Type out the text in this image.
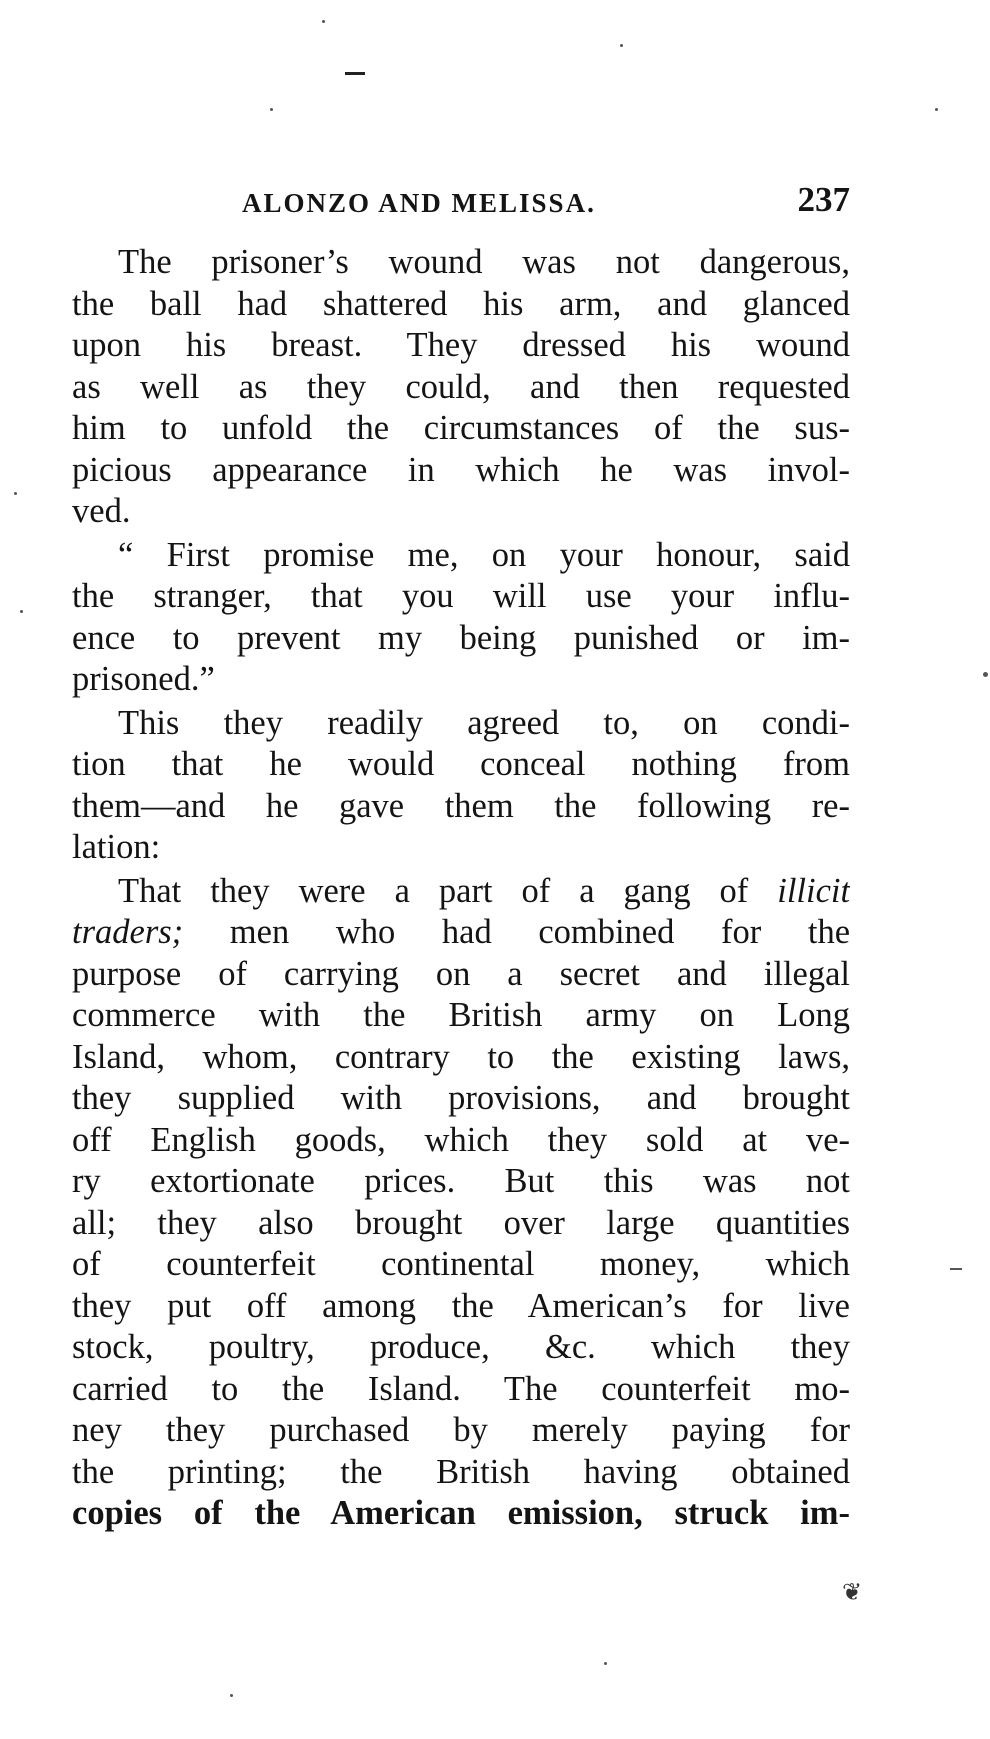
ALONZO AND MELISSA.	237
The prisoner’s wound was not dangerous,
the ball had shattered his arm, and glanced
upon his breast. They dressed his wound
as well as they could, and then requested
him to unfold the circumstances of the sus-
picious appearance in which he was invol-
ved.
“ First promise me, on your honour, said
the stranger, that you will use your influ-
ence to prevent my being punished or im-
prisoned.”
This they readily agreed to, on condi-
tion that he would conceal nothing from
them—and he gave them the following re-
lation:
That they were a part of a gang of illicit
traders; men who had combined for the
purpose of carrying on a secret and illegal
commerce with the British army on Long
Island, whom, contrary to the existing laws,
they supplied with provisions, and brought
off English goods, which they sold at ve-
ry extortionate prices. But this was not
all; they also brought over large quantities
of counterfeit continental money, which
they put off among the American’s for live
stock, poultry, produce, &c. which they
carried to the Island. The counterfeit mo-
ney they purchased by merely paying for
the printing; the British having obtained
copies of the American emission, struck im-
❦
